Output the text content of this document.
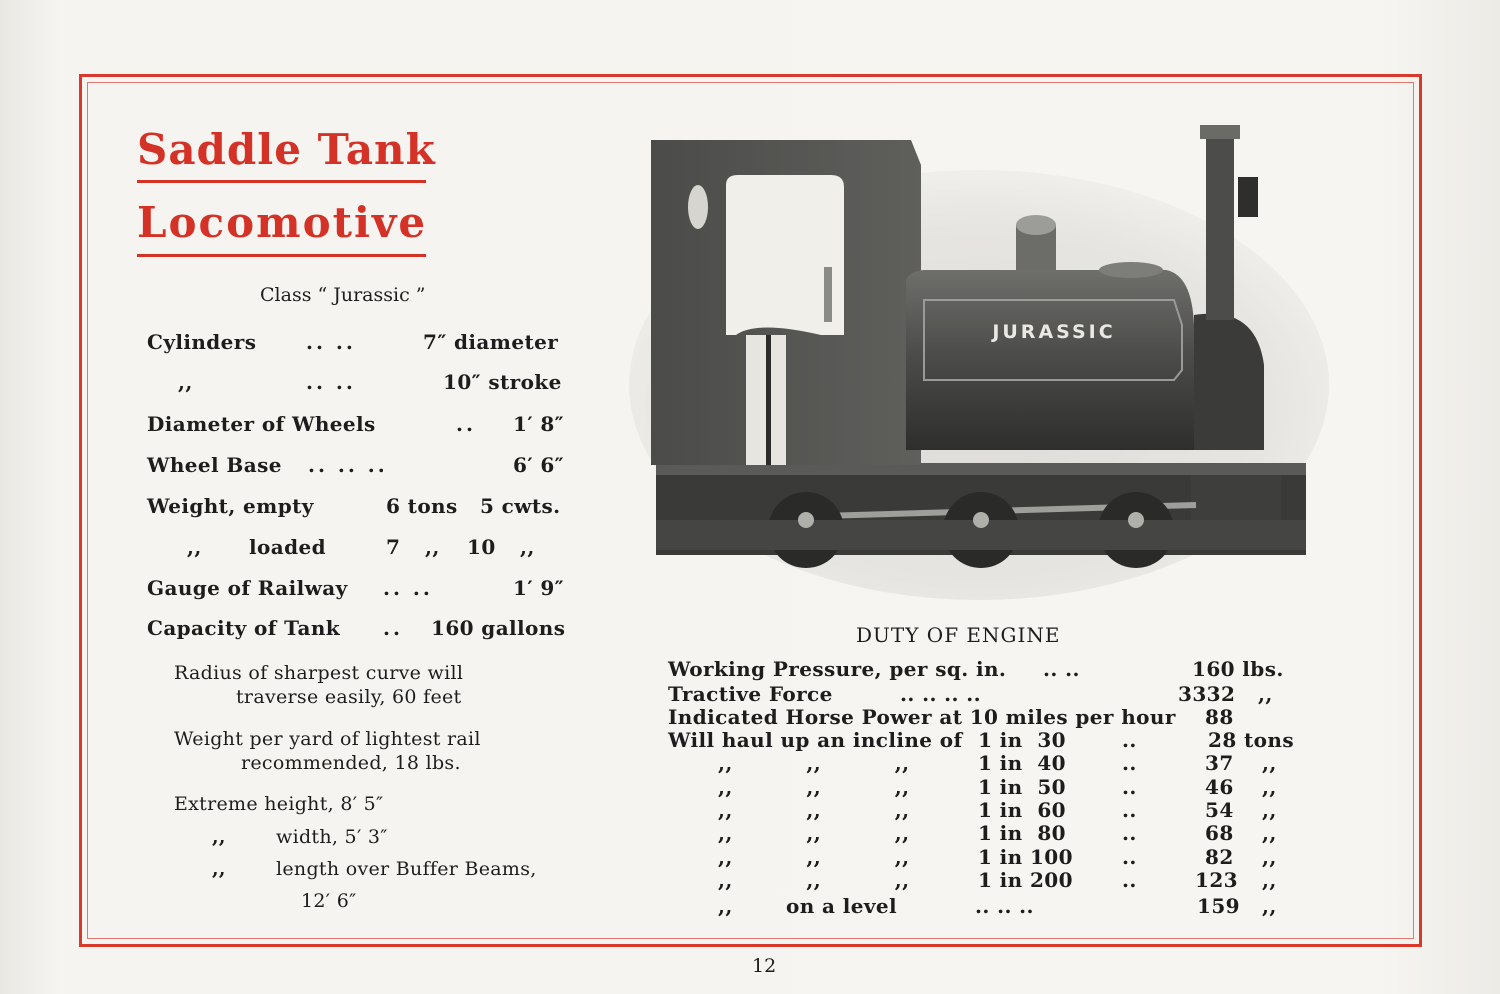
Saddle Tank
Locomotive
Class “ Jurassic ”
Cylinders .. ..	7″ diameter
,,	.. ..	10″ stroke
Diameter of Wheels	.. 1′ 8″
Wheel Base .. .. ..	6′ 6″
Weight, empty	6 tons 5 cwts.
,, loaded	7 ,, 10 ,,
Gauge of Railway .. ..	1′ 9″
Capacity of Tank .. 160 gallons
Radius of sharpest curve will
traverse easily, 60 feet
Weight per yard of lightest rail
recommended, 18 lbs.
Extreme height, 8′ 5″
,,	width, 5′ 3″
,,	length over Buffer Beams,
12′ 6″
JURASSIC
DUTY OF ENGINE
Working Pressure, per sq. in. .. ..	160 lbs.
Tractive Force	.. .. .. ..	3332 ,,
Indicated Horse Power at 10 miles per hour 88
Will haul up an incline of 1 in  30	..	28 tons
,,          ,,          ,,	1 in  40	..	37 ,,
,,          ,,          ,,	1 in  50	..	46 ,,
,,          ,,          ,,	1 in  60	..	54 ,,
,,          ,,          ,,	1 in  80	..	68 ,,
,,          ,,          ,,	1 in 100 ..	82 ,,
,,          ,,          ,,	1 in 200 ..	123 ,,
,,	on a level	.. .. ..	159 ,,
12
